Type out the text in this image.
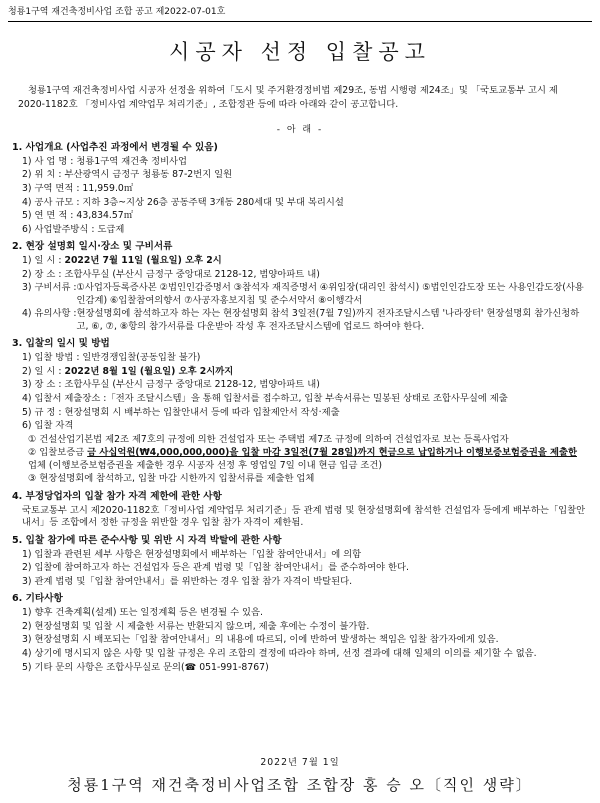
청룡1구역 재건축정비사업 조합 공고 제2022-07-01호
시공자 선정 입찰공고
청룡1구역 재건축정비사업 시공자 선정을 위하여「도시 및 주거환경정비법 제29조, 동법 시행령 제24조」및 「국토교통부 고시 제2020-1182호 「정비사업 계약업무 처리기준」, 조합정관 등에 따라 아래와 같이 공고합니다.
- 아 래 -
1. 사업개요 (사업추진 과정에서 변경될 수 있음)
1) 사 업 명 : 청룡1구역 재건축 정비사업
2) 위 치 : 부산광역시 금정구 청룡동 87-2번지 일원
3) 구역 면적 : 11,959.0㎡
4) 공사 규모 : 지하 3층~지상 26층 공동주택 3개동 280세대 및 부대 복리시설
5) 연 면 적 : 43,834.57㎡
6) 사업발주방식 : 도급제
2. 현장 설명회 일시·장소 및 구비서류
1) 일 시 : 2022년 7월 11일 (월요일) 오후 2시
2) 장 소 : 조합사무실 (부산시 금정구 중앙대로 2128-12, 범양아파트 내)
3) 구비서류 : ①사업자등록증사본 ②법인인감증명서 ③참석자 재직증명서 ④위임장(대리인 참석시) ⑤법인인감도장 또는 사용인감도장(사용인감계) ⑥입찰참여의향서 ⑦사공자홍보지침 및 준수서약서 ⑧이행각서
4) 유의사항 : 현장설명회에 참석하고자 하는 자는 현장설명회 참석 3일전(7월 7일)까지 전자조달시스템 '나라장터' 현장설명회 참가신청하고, ⑥, ⑦, ⑧항의 참가서류를 다운받아 작성 후 전자조달시스템에 업로드 하여야 한다.
3. 입찰의 일시 및 방법
1) 입찰 방법 : 일반경쟁입찰(공동입찰 불가)
2) 일 시 : 2022년 8월 1일 (월요일) 오후 2시까지
3) 장 소 : 조합사무실 (부산시 금정구 중앙대로 2128-12, 범양아파트 내)
4) 입찰서 제출장소 :「전자 조달시스템」을 통해 입찰서를 접수하고, 입찰 부속서류는 밀봉된 상태로 조합사무실에 제출
5) 규 정 : 현장설명회 시 배부하는 입찰안내서 등에 따라 입찰제안서 작성·제출
6) 입찰 자격
① 건설산업기본법 제2조 제7호의 규정에 의한 건설업자 또는 주택법 제7조 규정에 의하여 건설업자로 보는 등록사업자
② 입찰보증금 금 사십억원(₩4,000,000,000)을 입찰 마감 3일전(7월 28일)까지 현금으로 납입하거나 이행보증보험증권을 제출한 업체 (이행보증보험증권을 제출한 경우 시공자 선정 후 영업일 7일 이내 현금 입금 조건)
③ 현장설명회에 참석하고, 입찰 마감 시한까지 입찰서류를 제출한 업체
4. 부정당업자의 입찰 참가 자격 제한에 관한 사항
국토교통부 고시 제2020-1182호「정비사업 계약업무 처리기준」등 관계 법령 및 현장설명회에 참석한 건설업자 등에게 배부하는「입찰안내서」등 조합에서 정한 규정을 위반할 경우 입찰 참가 자격이 제한됨.
5. 입찰 참가에 따른 준수사항 및 위반 시 자격 박탈에 관한 사항
1) 입찰과 관련된 세부 사항은 현장설명회에서 배부하는「입찰 참여안내서」에 의함
2) 입찰에 참여하고자 하는 건설업자 등은 관계 법령 및「입찰 참여안내서」를 준수하여야 한다.
3) 관계 법령 및「입찰 참여안내서」를 위반하는 경우 입찰 참가 자격이 박탈된다.
6. 기타사항
1) 향후 건축계획(설계) 또는 일정계획 등은 변경될 수 있음.
2) 현장설명회 및 입찰 시 제출한 서류는 반환되지 않으며, 제출 후에는 수정이 불가함.
3) 현장설명회 시 배포되는「입찰 참여안내서」의 내용에 따르되, 이에 반하여 발생하는 책임은 입찰 참가자에게 있음.
4) 상기에 명시되지 않은 사항 및 입찰 규정은 우리 조합의 결정에 따라야 하며, 선정 결과에 대해 일체의 이의를 제기할 수 없음.
5) 기타 문의 사항은 조합사무실로 문의(☎ 051-991-8767)
2022년 7월 1일
청룡1구역 재건축정비사업조합 조합장 홍 승 오〔직인 생략〕
